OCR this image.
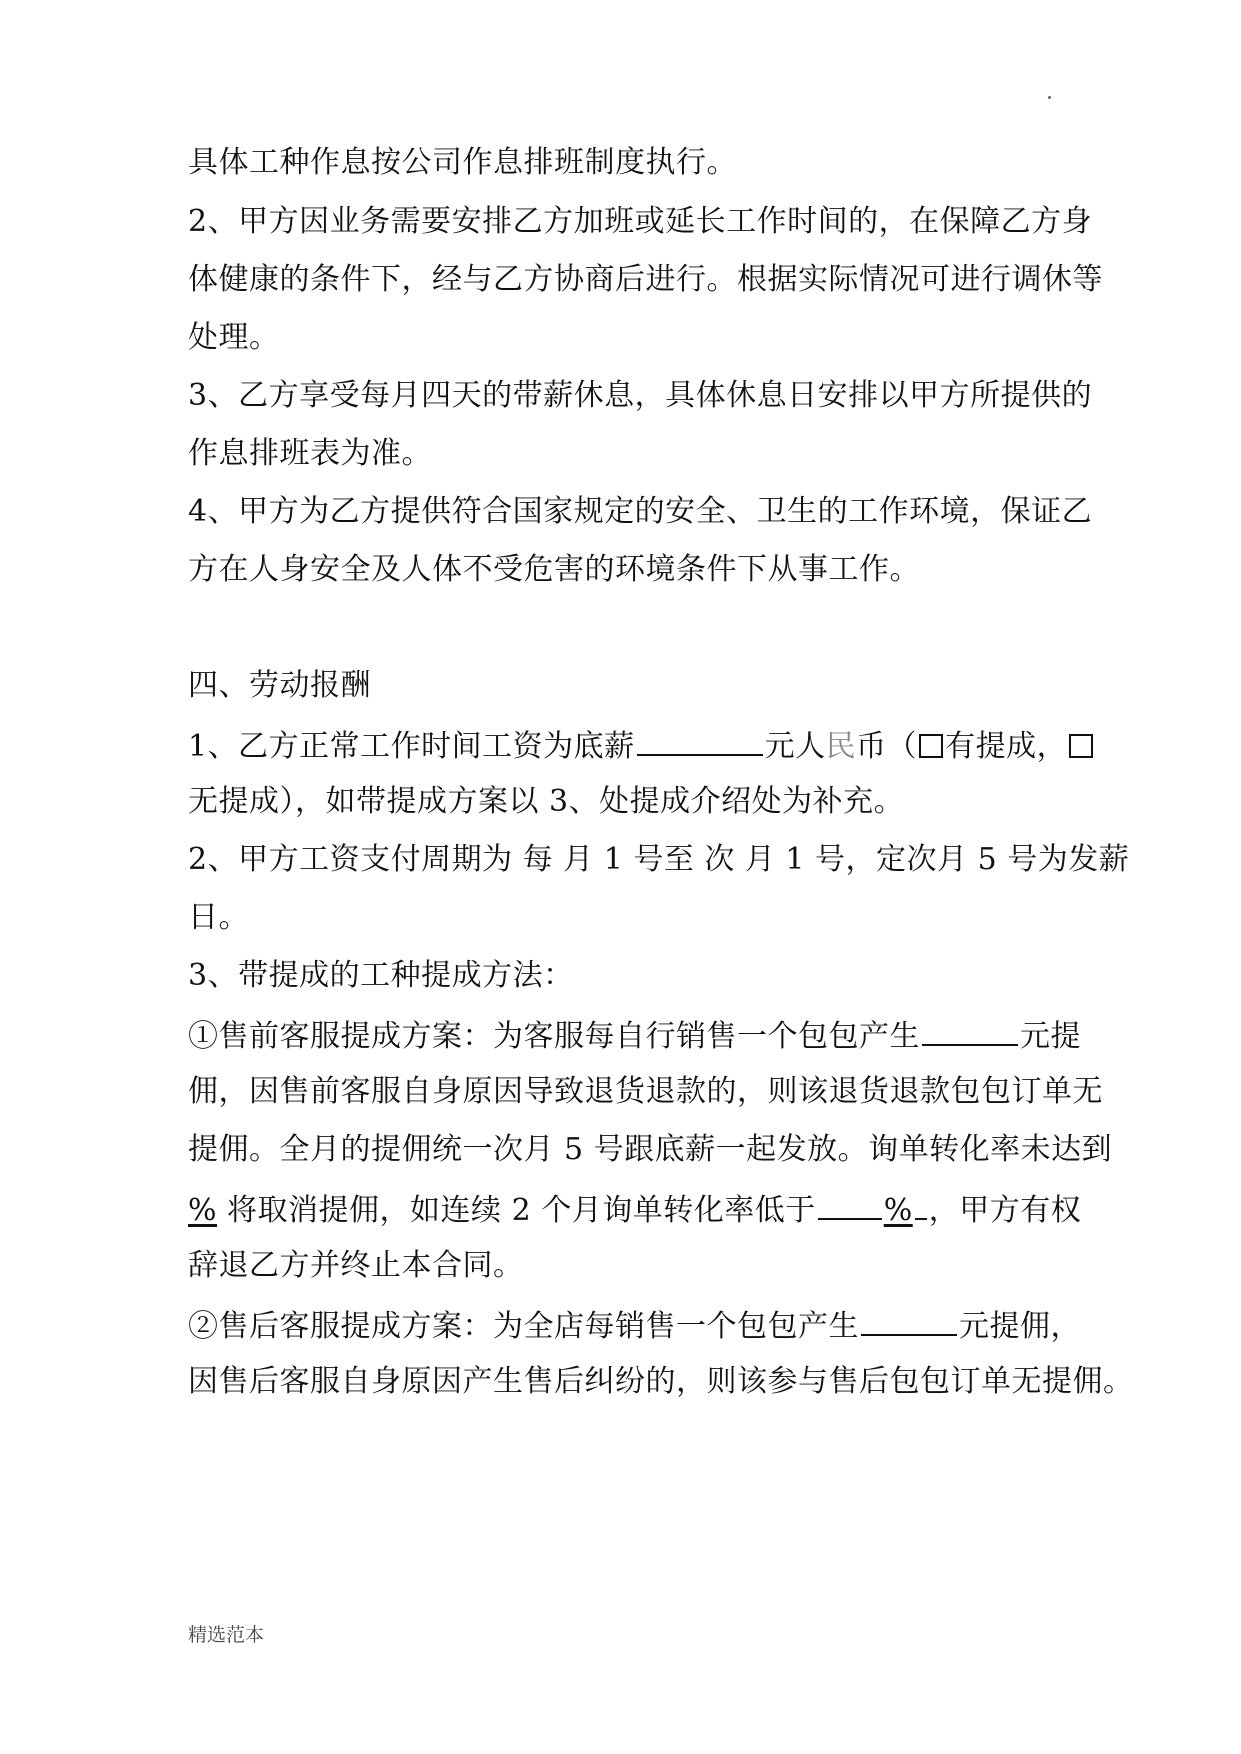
具体工种作息按公司作息排班制度执行。
2、甲方因业务需要安排乙方加班或延长工作时间的，在保障乙方身
体健康的条件下，经与乙方协商后进行。根据实际情况可进行调休等
处理。
3、乙方享受每月四天的带薪休息，具体休息日安排以甲方所提供的
作息排班表为准。
4、甲方为乙方提供符合国家规定的安全、卫生的工作环境，保证乙
方在人身安全及人体不受危害的环境条件下从事工作。
四、劳动报酬
1、乙方正常工作时间工资为底薪	元人民币（ 有提成，
无提成），如带提成方案以 3、处提成介绍处为补充。
2、甲方工资支付周期为 每 月 1 号至 次 月 1 号，定次月 5 号为发薪
日。
3、带提成的工种提成方法：
①售前客服提成方案：为客服每自行销售一个包包产生	元提
佣，因售前客服自身原因导致退货退款的，则该退货退款包包订单无
提佣。全月的提佣统一次月 5 号跟底薪一起发放。询单转化率未达到
% 将取消提佣，如连续 2 个月询单转化率低于 % ，甲方有权
辞退乙方并终止本合同。
②售后客服提成方案：为全店每销售一个包包产生	元提佣，
因售后客服自身原因产生售后纠纷的，则该参与售后包包订单无提佣。
精选范本
